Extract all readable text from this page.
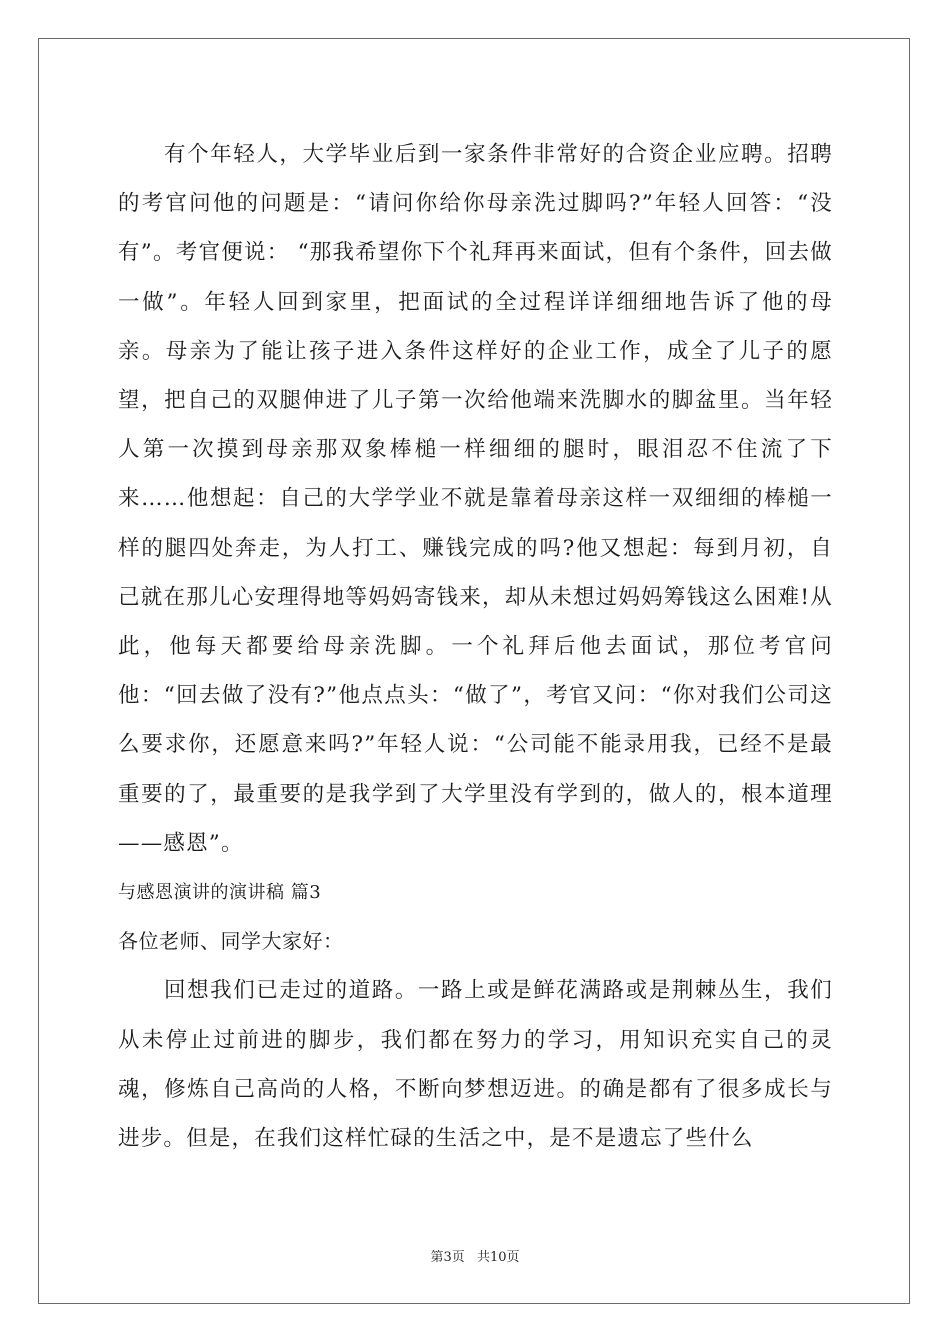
有个年轻人，大学毕业后到一家条件非常好的合资企业应聘。招聘的考官问他的问题是：“请问你给你母亲洗过脚吗?”年轻人回答：“没有”。考官便说： “那我希望你下个礼拜再来面试，但有个条件，回去做一做”。年轻人回到家里，把面试的全过程详详细细地告诉了他的母亲。母亲为了能让孩子进入条件这样好的企业工作，成全了儿子的愿望，把自己的双腿伸进了儿子第一次给他端来洗脚水的脚盆里。当年轻人第一次摸到母亲那双象棒槌一样细细的腿时，眼泪忍不住流了下来……他想起：自己的大学学业不就是靠着母亲这样一双细细的棒槌一样的腿四处奔走，为人打工、赚钱完成的吗?他又想起：每到月初，自己就在那儿心安理得地等妈妈寄钱来，却从未想过妈妈筹钱这么困难!从此，他每天都要给母亲洗脚。一个礼拜后他去面试，那位考官问他：“回去做了没有?”他点点头：“做了”，考官又问：“你对我们公司这么要求你，还愿意来吗?”年轻人说：“公司能不能录用我，已经不是最重要的了，最重要的是我学到了大学里没有学到的，做人的，根本道理——感恩”。

与感恩演讲的演讲稿 篇3

各位老师、同学大家好：

回想我们已走过的道路。一路上或是鲜花满路或是荆棘丛生，我们从未停止过前进的脚步，我们都在努力的学习，用知识充实自己的灵魂，修炼自己高尚的人格，不断向梦想迈进。的确是都有了很多成长与进步。但是，在我们这样忙碌的生活之中，是不是遗忘了些什么

第3页 共10页
